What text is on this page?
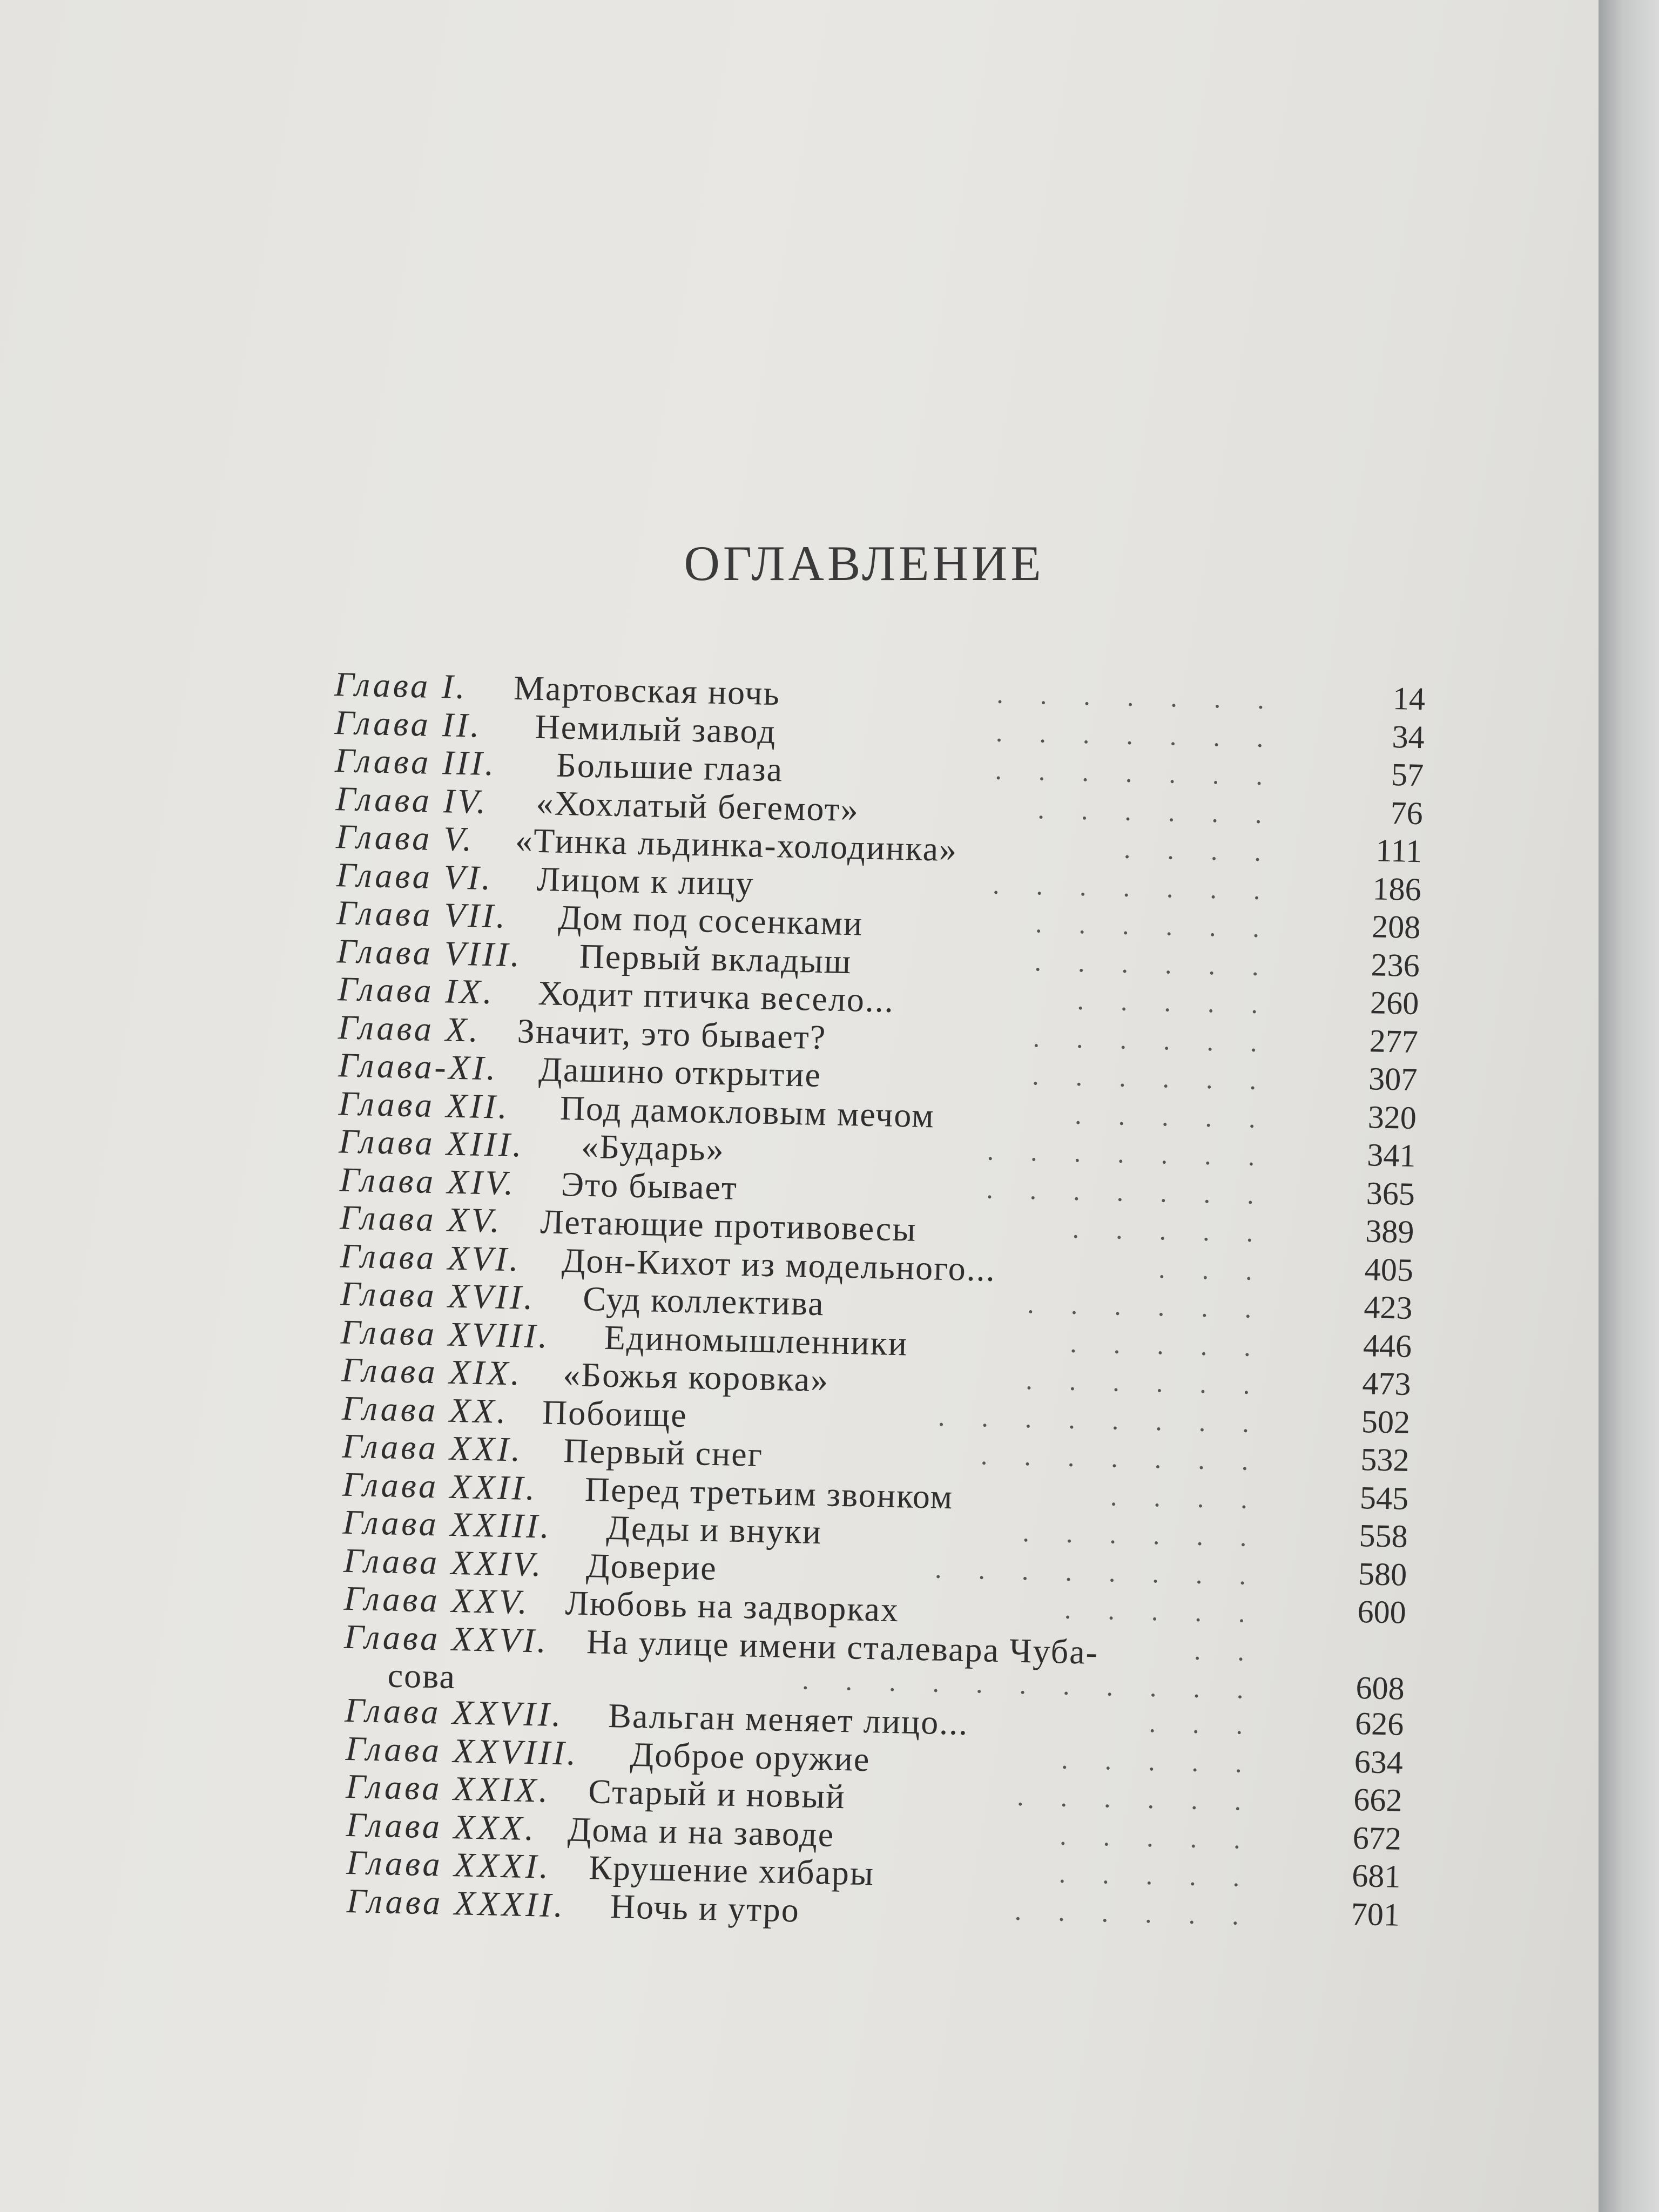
ОГЛАВЛЕНИЕ
Глава I. Мартовская ночь	.......	14
Глава II. Немилый завод	.......	34
Глава III. Большие глаза	.......	57
Глава IV. «Хохлатый бегемот»	......	76
Глава V. «Тинка льдинка-холодинка»	.... 111
Глава VI. Лицом к лицу	....... 186
Глава VII. Дом под сосенками	...... 208
Глава VIII. Первый вкладыш	...... 236
Глава IX. Ходит птичка весело...	..... 260
Глава X. Значит, это бывает?	...... 277
Глава-XI. Дашино открытие	...... 307
Глава XII. Под дамокловым мечом	..... 320
Глава XIII. «Бударь»	....... 341
Глава XIV. Это бывает	....... 365
Глава XV. Летающие противовесы	..... 389
Глава XVI. Дон-Кихот из модельного...	... 405
Глава XVII. Суд коллектива	...... 423
Глава XVIII. Единомышленники	..... 446
Глава XIX. «Божья коровка»	...... 473
Глава XX. Побоище	........ 502
Глава XXI. Первый снег	....... 532
Глава XXII. Перед третьим звонком	.... 545
Глава XXIII. Деды и внуки	...... 558
Глава XXIV. Доверие	........ 580
Глава XXV. Любовь на задворках	..... 600
Глава XXVI. На улице имени сталевара Чуба-	..
сова	........... 608
Глава XXVII. Вальган меняет лицо...	... 626
Глава XXVIII. Доброе оружие	..... 634
Глава XXIX. Старый и новый	...... 662
Глава XXX. Дома и на заводе	..... 672
Глава XXXI. Крушение хибары	..... 681
Глава XXXII. Ночь и утро	...... 701
